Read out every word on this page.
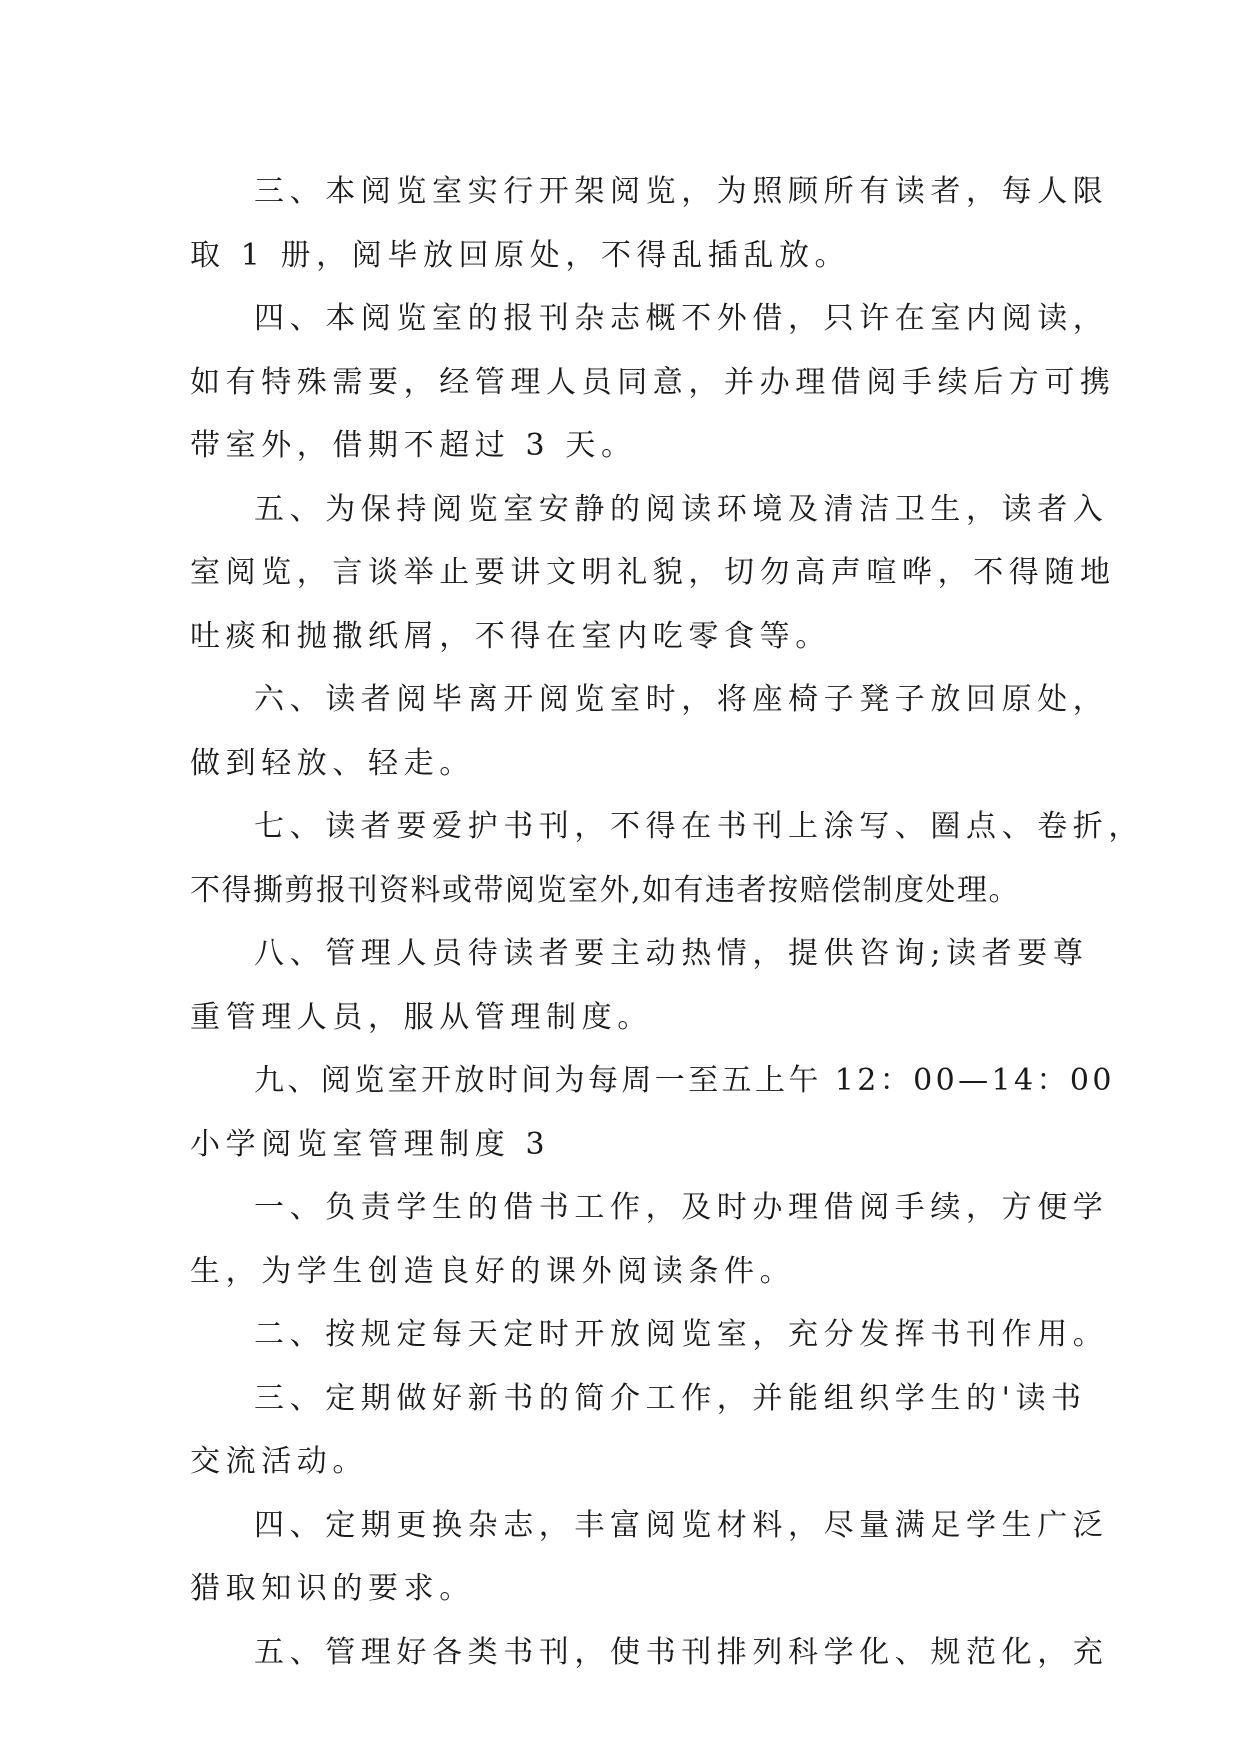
三、本阅览室实行开架阅览，为照顾所有读者，每人限
取 1 册，阅毕放回原处，不得乱插乱放。
四、本阅览室的报刊杂志概不外借，只许在室内阅读，
如有特殊需要，经管理人员同意，并办理借阅手续后方可携
带室外，借期不超过 3 天。
五、为保持阅览室安静的阅读环境及清洁卫生，读者入
室阅览，言谈举止要讲文明礼貌，切勿高声喧哗，不得随地
吐痰和抛撒纸屑，不得在室内吃零食等。
六、读者阅毕离开阅览室时，将座椅子凳子放回原处，
做到轻放、轻走。
七、读者要爱护书刊，不得在书刊上涂写、圈点、卷折，
不得撕剪报刊资料或带阅览室外,如有违者按赔偿制度处理。
八、管理人员待读者要主动热情，提供咨询;读者要尊
重管理人员，服从管理制度。
九、阅览室开放时间为每周一至五上午 12：00—14：00
小学阅览室管理制度 3
一、负责学生的借书工作，及时办理借阅手续，方便学
生，为学生创造良好的课外阅读条件。
二、按规定每天定时开放阅览室，充分发挥书刊作用。
三、定期做好新书的简介工作，并能组织学生的'读书
交流活动。
四、定期更换杂志，丰富阅览材料，尽量满足学生广泛
猎取知识的要求。
五、管理好各类书刊，使书刊排列科学化、规范化，充
